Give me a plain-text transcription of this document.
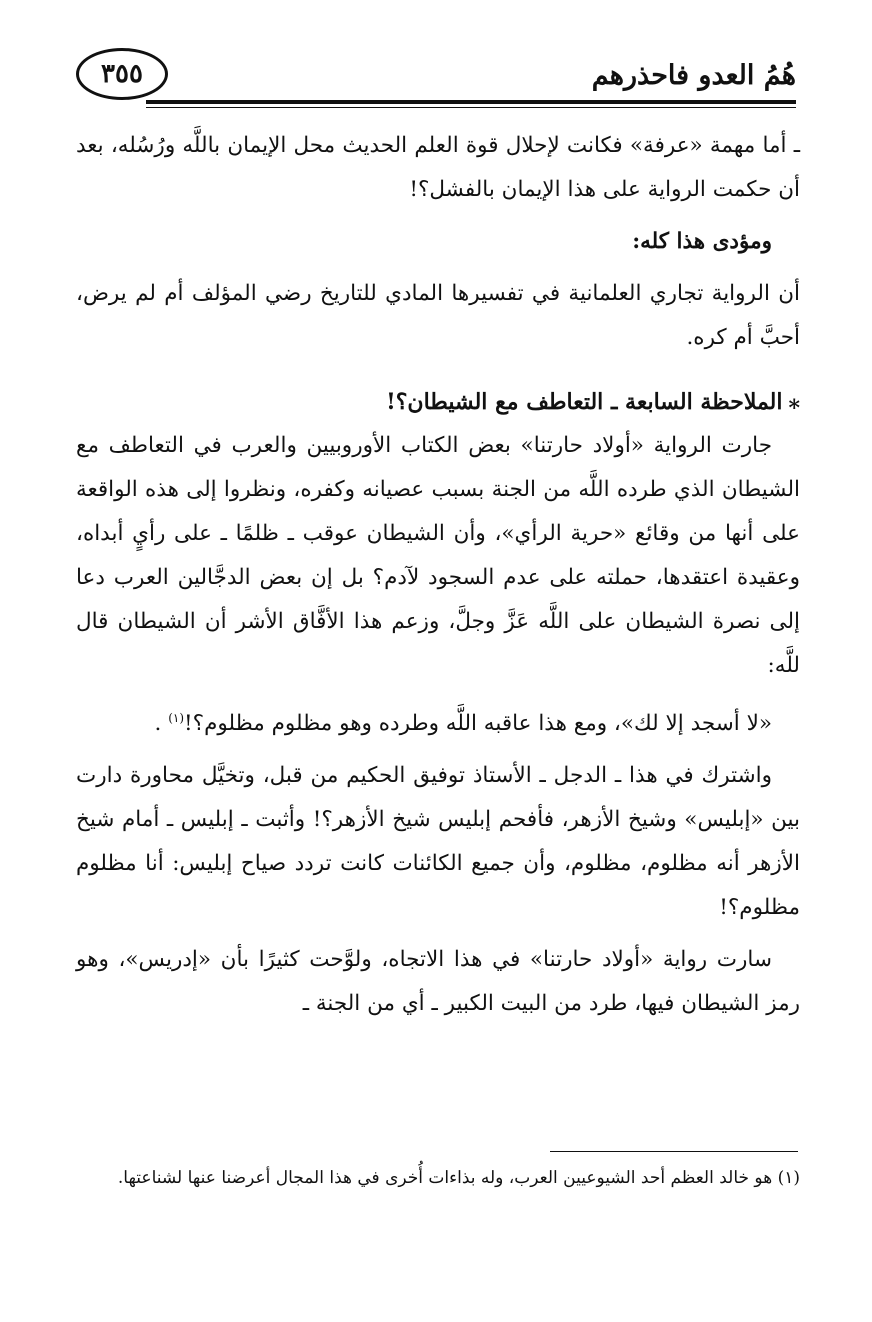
٣٥٥	هُمُ العدو فاحذرهم

ـ أما مهمة «عرفة» فكانت لإحلال قوة العلم الحديث محل الإيمان باللَّه ورُسُله، بعد أن حكمت الرواية على هذا الإيمان بالفشل؟!

ومؤدى هذا كله:

أن الرواية تجاري العلمانية في تفسيرها المادي للتاريخ رضي المؤلف أم لم يرض، أحبَّ أم كره.

⁎الملاحظة السابعة ـ التعاطف مع الشيطان؟!

جارت الرواية «أولاد حارتنا» بعض الكتاب الأوروبيين والعرب في التعاطف مع الشيطان الذي طرده اللَّه من الجنة بسبب عصيانه وكفره، ونظروا إلى هذه الواقعة على أنها من وقائع «حرية الرأي»، وأن الشيطان عوقب ـ ظلمًا ـ على رأيٍ أبداه، وعقيدة اعتقدها، حملته على عدم السجود لآدم؟ بل إن بعض الدجَّالين العرب دعا إلى نصرة الشيطان على اللَّه عَزَّ وجلَّ، وزعم هذا الأفَّاق الأشر أن الشيطان قال للَّه:

«لا أسجد إلا لك»، ومع هذا عاقبه اللَّه وطرده وهو مظلوم مظلوم؟!$^{(١)}$ .

واشترك في هذا ـ الدجل ـ الأستاذ توفيق الحكيم من قبل، وتخيَّل محاورة دارت بين «إبليس» وشيخ الأزهر، فأفحم إبليس شيخ الأزهر؟! وأثبت ـ إبليس ـ أمام شيخ الأزهر أنه مظلوم، مظلوم، وأن جميع الكائنات كانت تردد صياح إبليس: أنا مظلوم مظلوم؟!

سارت رواية «أولاد حارتنا» في هذا الاتجاه، ولوَّحت كثيرًا بأن «إدريس»، وهو رمز الشيطان فيها، طرد من البيت الكبير ـ أي من الجنة ـ

(١) هو خالد العظم أحد الشيوعيين العرب، وله بذاءات أُخرى في هذا المجال أعرضنا عنها لشناعتها.
